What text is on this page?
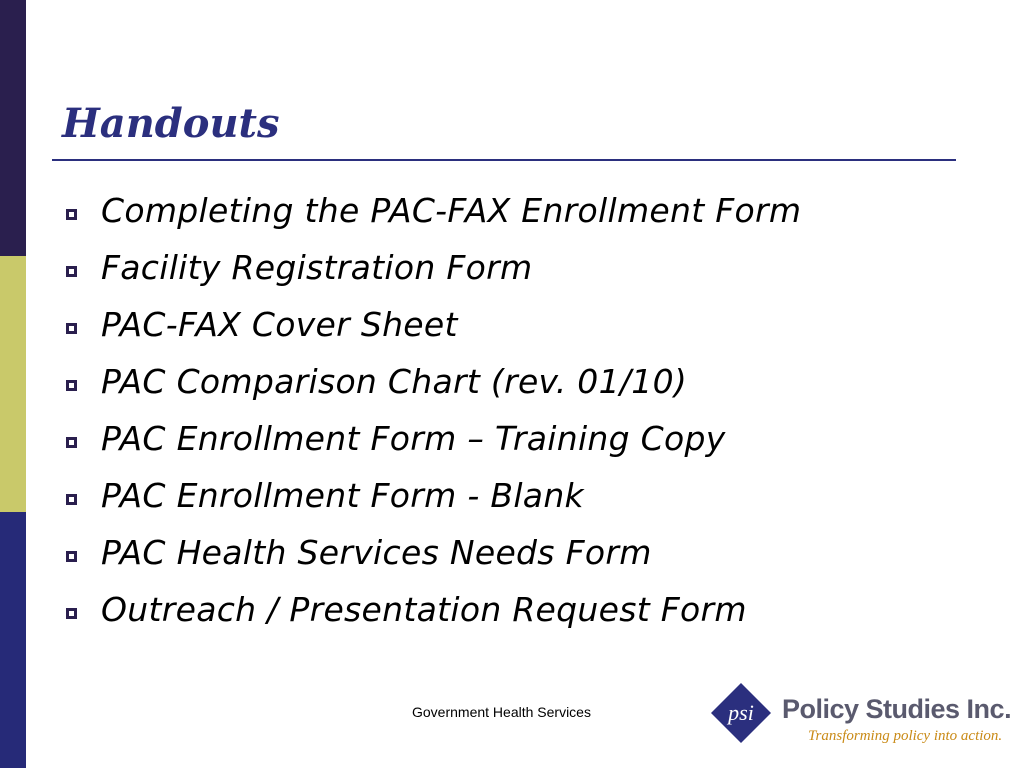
Handouts
Completing the PAC-FAX Enrollment Form
Facility Registration Form
PAC-FAX Cover Sheet
PAC Comparison Chart (rev. 01/10)
PAC Enrollment Form – Training Copy
PAC Enrollment Form - Blank
PAC Health Services Needs Form
Outreach / Presentation Request Form
Government Health Services	psi Policy Studies Inc.
Transforming policy into action.
